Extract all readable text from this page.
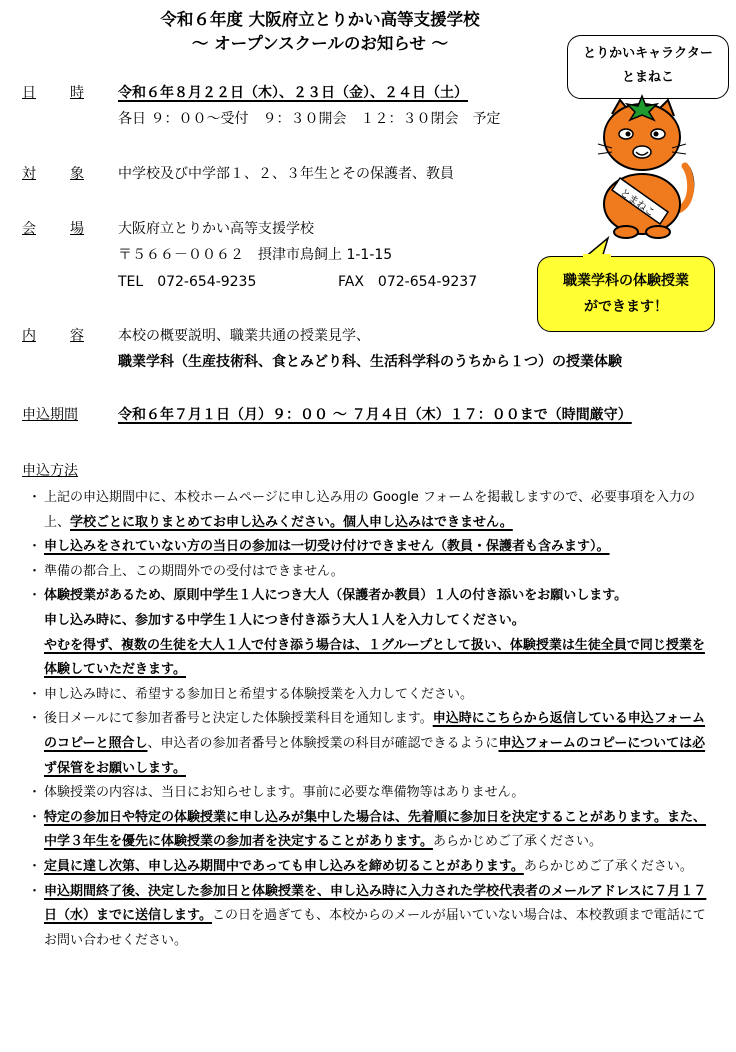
令和６年度 大阪府立とりかい高等支援学校
～ オープンスクールのお知らせ ～
日 時 令和６年８月２２日（木）、２３日（金）、２４日（土）
各日 ９：００～受付　９：３０開会　１２：３０閉会　予定
対 象 中学校及び中学部１、２、３年生とその保護者、教員
会 場 大阪府立とりかい高等支援学校
〒５６６－００６２　摂津市鳥飼上 1-1-15
TEL　072-654-9235	FAX　072-654-9237
内 容 本校の概要説明、職業共通の授業見学、
職業学科（生産技術科、食とみどり科、生活科学科のうちから１つ）の授業体験
申込期間	令和６年７月１日（月）９：００ ～ ７月４日（木）１７：００まで（時間厳守）
申込方法
・ 上記の申込期間中に、本校ホームページに申し込み用の Google フォームを掲載しますので、必要事項を入力の上、学校ごとに取りまとめてお申し込みください。個人申し込みはできません。
・ 申し込みをされていない方の当日の参加は一切受け付けできません（教員・保護者も含みます）。
・ 準備の都合上、この期間外での受付はできません。
・ 体験授業があるため、原則中学生１人につき大人（保護者か教員）１人の付き添いをお願いします。
申し込み時に、参加する中学生１人につき付き添う大人１人を入力してください。
やむを得ず、複数の生徒を大人１人で付き添う場合は、１グループとして扱い、体験授業は生徒全員で同じ授業を体験していただきます。
・ 申し込み時に、希望する参加日と希望する体験授業を入力してください。
・ 後日メールにて参加者番号と決定した体験授業科目を通知します。申込時にこちらから返信している申込フォームのコピーと照合し、申込者の参加者番号と体験授業の科目が確認できるように申込フォームのコピーについては必ず保管をお願いします。
・ 体験授業の内容は、当日にお知らせします。事前に必要な準備物等はありません。
・ 特定の参加日や特定の体験授業に申し込みが集中した場合は、先着順に参加日を決定することがあります。また、中学３年生を優先に体験授業の参加者を決定することがあります。あらかじめご了承ください。
・ 定員に達し次第、申し込み期間中であっても申し込みを締め切ることがあります。あらかじめご了承ください。
・ 申込期間終了後、決定した参加日と体験授業を、申し込み時に入力された学校代表者のメールアドレスに７月１７日（水）までに送信します。この日を過ぎても、本校からのメールが届いていない場合は、本校教頭まで電話にてお問い合わせください。
とりかいキャラクター
とまねこ
とまねこ
職業学科の体験授業
ができます！
